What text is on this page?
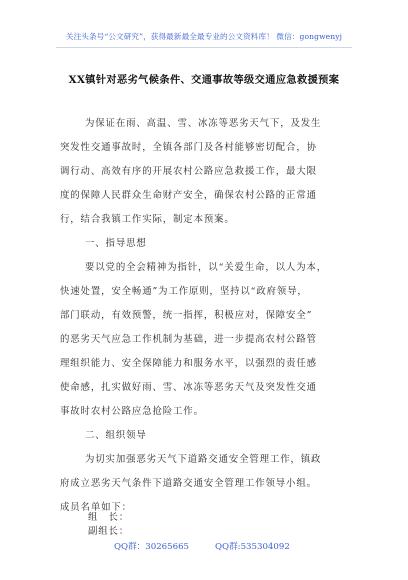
关注头条号“公文研究”，获得最新最全最专业的公文资料库！ 微信：gongwenyj
XX镇针对恶劣气候条件、交通事故等级交通应急救援预案
为保证在雨、高温、雪、冰冻等恶劣天气下，及发生
突发性交通事故时，全镇各部门及各村能够密切配合，协
调行动、高效有序的开展农村公路应急救援工作，最大限
度的保障人民群众生命财产安全，确保农村公路的正常通
行，结合我镇工作实际，制定本预案。
一、指导思想
要以党的全会精神为指针，以“关爱生命，以人为本，
快速处置，安全畅通”为工作原则，坚持以“政府领导，
部门联动，有效预警，统一指挥，积极应对，保障安全”
的恶劣天气应急工作机制为基础，进一步提高农村公路管
理组织能力、安全保障能力和服务水平，以强烈的责任感
使命感，扎实做好雨、雪、冰冻等恶劣天气及突发性交通
事故时农村公路应急抢险工作。
二、组织领导
为切实加强恶劣天气下道路交通安全管理工作，镇政
府成立恶劣天气条件下道路交通安全管理工作领导小组。
成员名单如下：
组　长：
QQ群：30265665	QQ群:535304092
副组长：
